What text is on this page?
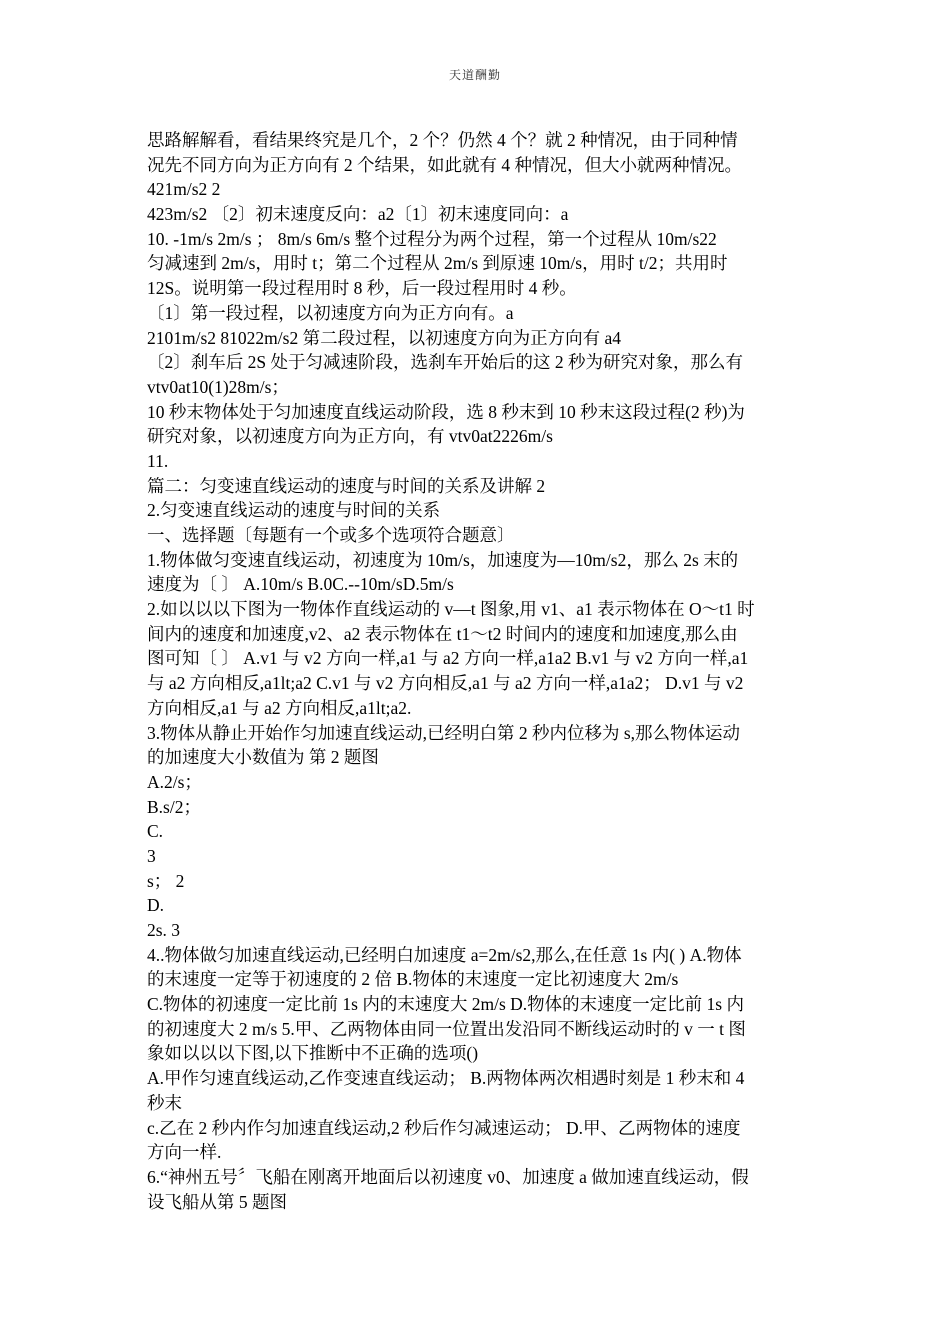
天道酬勤
思路解解看，看结果终究是几个，2 个？仍然 4 个？就 2 种情况，由于同种情
况先不同方向为正方向有 2 个结果，如此就有 4 种情况，但大小就两种情况。
421m/s2 2
423m/s2 〔2〕初末速度反向：a2〔1〕初末速度同向：a
10. -1m/s 2m/s ； 8m/s 6m/s 整个过程分为两个过程，第一个过程从 10m/s22
匀减速到 2m/s，用时 t；第二个过程从 2m/s 到原速 10m/s，用时 t/2；共用时
12S。说明第一段过程用时 8 秒，后一段过程用时 4 秒。
〔1〕第一段过程，以初速度方向为正方向有。a
2101m/s2 81022m/s2 第二段过程，以初速度方向为正方向有 a4
〔2〕刹车后 2S 处于匀减速阶段，选刹车开始后的这 2 秒为研究对象，那么有
vtv0at10(1)28m/s；
10 秒末物体处于匀加速度直线运动阶段，选 8 秒末到 10 秒末这段过程(2 秒)为
研究对象，以初速度方向为正方向，有 vtv0at2226m/s
11.
篇二：匀变速直线运动的速度与时间的关系及讲解 2
2.匀变速直线运动的速度与时间的关系
一、选择题〔每题有一个或多个选项符合题意〕
1.物体做匀变速直线运动，初速度为 10m/s，加速度为—10m/s2，那么 2s 末的
速度为〔 〕 A.10m/s B.0C.--10m/sD.5m/s
2.如以以以下图为一物体作直线运动的 v—t 图象,用 v1、a1 表示物体在 O～t1 时
间内的速度和加速度,v2、a2 表示物体在 t1～t2 时间内的速度和加速度,那么由
图可知〔 〕 A.v1 与 v2 方向一样,a1 与 a2 方向一样,a1a2 B.v1 与 v2 方向一样,a1
与 a2 方向相反,a1lt;a2 C.v1 与 v2 方向相反,a1 与 a2 方向一样,a1a2； D.v1 与 v2
方向相反,a1 与 a2 方向相反,a1lt;a2.
3.物体从静止开始作匀加速直线运动,已经明白第 2 秒内位移为 s,那么物体运动
的加速度大小数值为 第 2 题图
A.2/s；
B.s/2；
C.
3
s； 2
D.
2s. 3
4..物体做匀加速直线运动,已经明白加速度 a=2m/s2,那么,在任意 1s 内( ) A.物体
的末速度一定等于初速度的 2 倍 B.物体的末速度一定比初速度大 2m/s
C.物体的初速度一定比前 1s 内的末速度大 2m/s D.物体的末速度一定比前 1s 内
的初速度大 2 m/s 5.甲、乙两物体由同一位置出发沿同不断线运动时的 v 一 t 图
象如以以以下图,以下推断中不正确的选项()
A.甲作匀速直线运动,乙作变速直线运动； B.两物体两次相遇时刻是 1 秒末和 4
秒末
c.乙在 2 秒内作匀加速直线运动,2 秒后作匀减速运动； D.甲、乙两物体的速度
方向一样.
6.“神州五号〞飞船在刚离开地面后以初速度 v0、加速度 a 做加速直线运动，假
设飞船从第 5 题图
